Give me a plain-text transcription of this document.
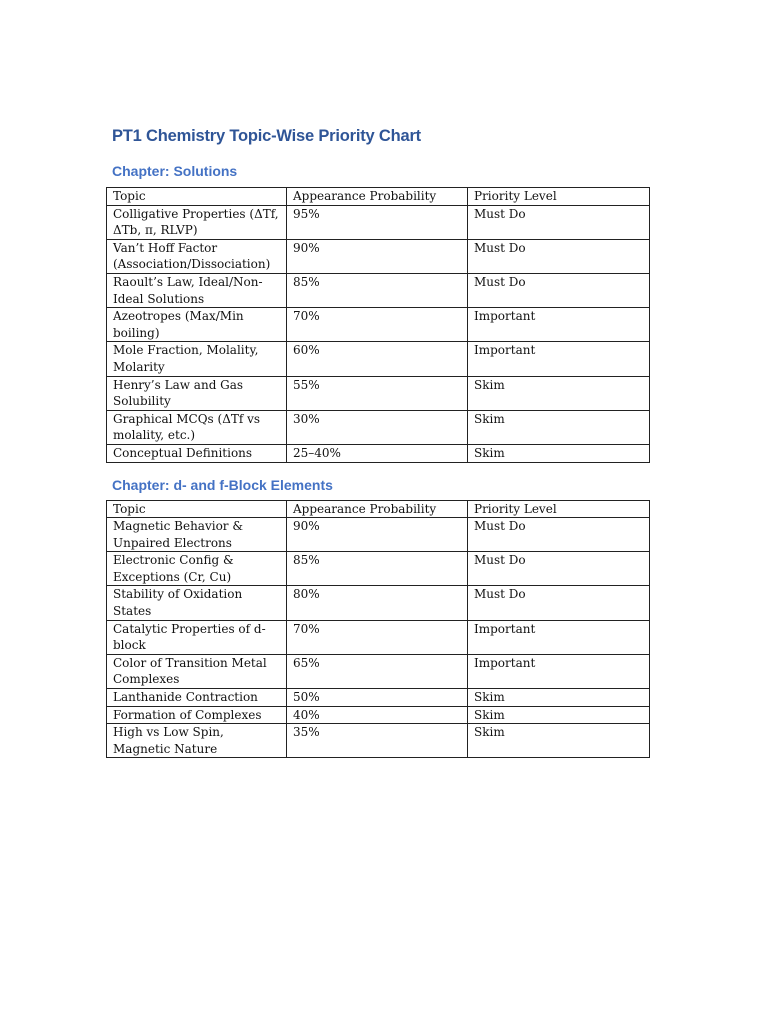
PT1 Chemistry Topic-Wise Priority Chart
Chapter: Solutions
Topic	Appearance Probability	Priority Level
Colligative Properties (ΔTf, ΔTb, π, RLVP)	95%	Must Do
Van’t Hoff Factor (Association/Dissociation)	90%	Must Do
Raoult’s Law, Ideal/Non-Ideal Solutions	85%	Must Do
Azeotropes (Max/Min boiling)	70%	Important
Mole Fraction, Molality, Molarity	60%	Important
Henry’s Law and Gas Solubility	55%	Skim
Graphical MCQs (ΔTf vs molality, etc.)	30%	Skim
Conceptual Definitions	25–40%	Skim
Chapter: d- and f-Block Elements
Topic	Appearance Probability	Priority Level
Magnetic Behavior & Unpaired Electrons	90%	Must Do
Electronic Config & Exceptions (Cr, Cu)	85%	Must Do
Stability of Oxidation States	80%	Must Do
Catalytic Properties of d-block	70%	Important
Color of Transition Metal Complexes	65%	Important
Lanthanide Contraction	50%	Skim
Formation of Complexes	40%	Skim
High vs Low Spin, Magnetic Nature	35%	Skim
